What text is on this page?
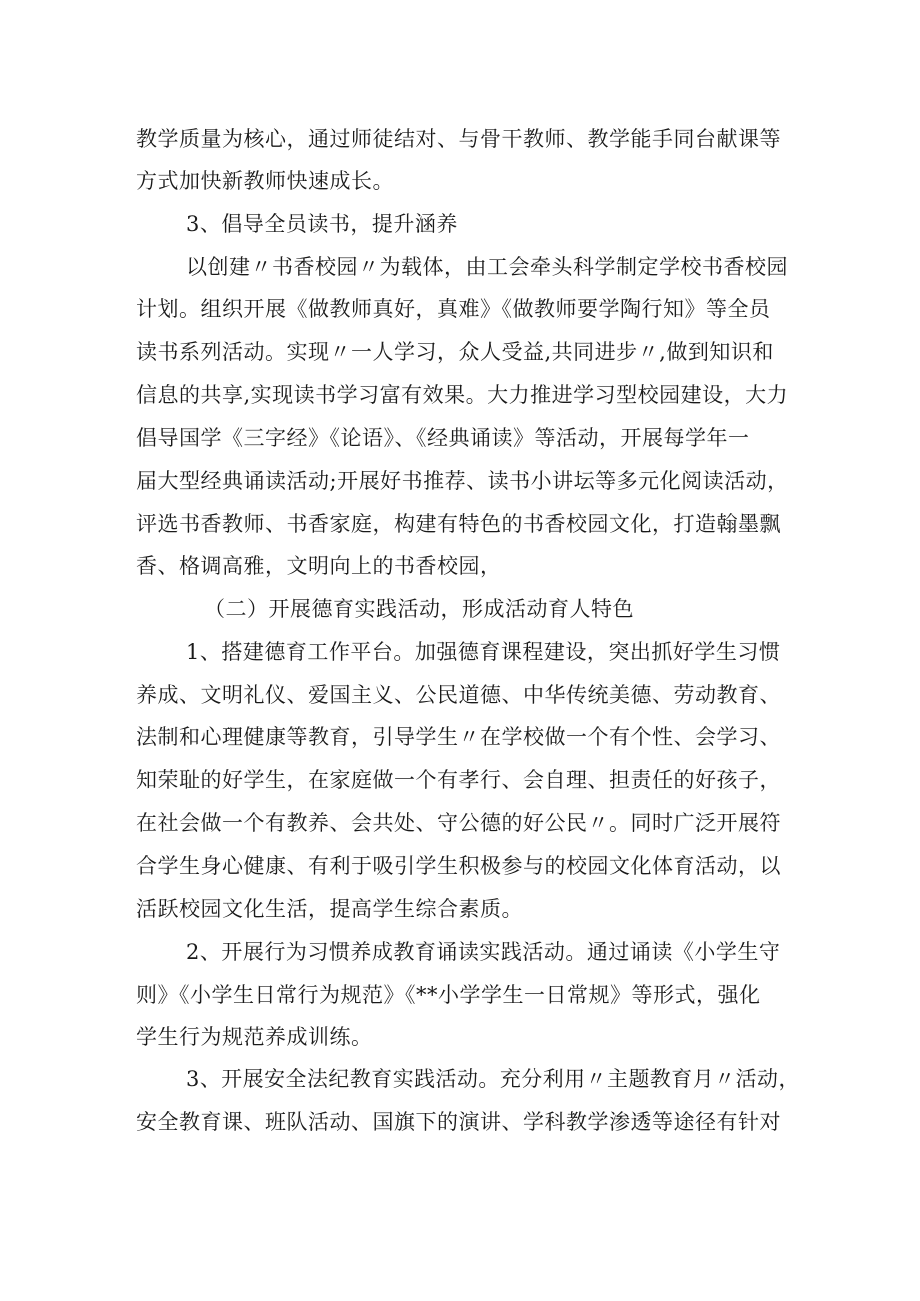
教学质量为核心，通过师徒结对、与骨干教师、教学能手同台献课等
方式加快新教师快速成长。
3、倡导全员读书，提升涵养
以创建〃书香校园〃为载体，由工会牵头科学制定学校书香校园
计划。组织开展《做教师真好，真难》《做教师要学陶行知》等全员
读书系列活动。实现〃一人学习，众人受益,共同进步〃,做到知识和
信息的共享,实现读书学习富有效果。大力推进学习型校园建设，大力
倡导国学《三字经》《论语》、《经典诵读》等活动，开展每学年一
届大型经典诵读活动;开展好书推荐、读书小讲坛等多元化阅读活动，
评选书香教师、书香家庭，构建有特色的书香校园文化，打造翰墨飘
香、格调高雅，文明向上的书香校园，
（二）开展德育实践活动，形成活动育人特色
1、搭建德育工作平台。加强德育课程建设，突出抓好学生习惯
养成、文明礼仪、爱国主义、公民道德、中华传统美德、劳动教育、
法制和心理健康等教育，引导学生〃在学校做一个有个性、会学习、
知荣耻的好学生，在家庭做一个有孝行、会自理、担责任的好孩子，
在社会做一个有教养、会共处、守公德的好公民〃。同时广泛开展符
合学生身心健康、有利于吸引学生积极参与的校园文化体育活动，以
活跃校园文化生活，提高学生综合素质。
2、开展行为习惯养成教育诵读实践活动。通过诵读《小学生守
则》《小学生日常行为规范》《**小学学生一日常规》等形式，强化
学生行为规范养成训练。
3、开展安全法纪教育实践活动。充分利用〃主题教育月〃活动，
安全教育课、班队活动、国旗下的演讲、学科教学渗透等途径有针对
